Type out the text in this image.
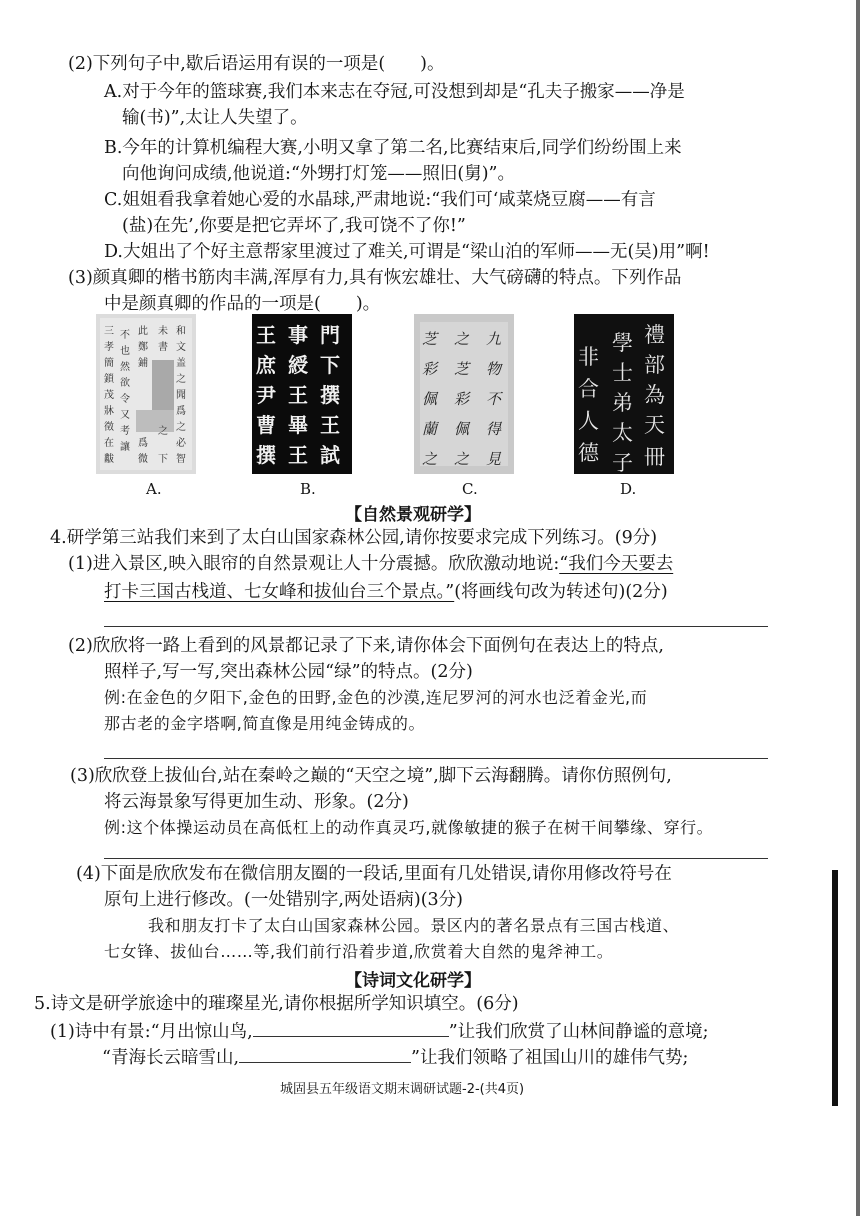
(2)下列句子中,歇后语运用有误的一项是(　　)。
A.对于今年的篮球赛,我们本来志在夺冠,可没想到却是“孔夫子搬家——净是
输(书)”,太让人失望了。
B.今年的计算机编程大赛,小明又拿了第二名,比赛结束后,同学们纷纷围上来
向他询问成绩,他说道:“外甥打灯笼——照旧(舅)”。
C.姐姐看我拿着她心爱的水晶球,严肃地说:“我们可‘咸菜烧豆腐——有言
(盐)在先’,你要是把它弄坏了,我可饶不了你!”
D.大姐出了个好主意帮家里渡过了难关,可谓是“梁山泊的军师——无(吴)用”啊!
(3)颜真卿的楷书筋肉丰满,浑厚有力,具有恢宏雄壮、大气磅礴的特点。下列作品
中是颜真卿的作品的一项是(　　)。
三
孝
簡
鎖
茂
牀
徵
在
黻
不
也
然
欲
令
又
考
讓
此
鄭
鋪
爲
微
未
書
之
下
和
文
盖
之
聞
爲
之
必
智
王 事 門
庶 綬 下
尹 王 撰
曹 畢 王
撰 王 試
芝
彩
佩
蘭
之
之
芝
彩
佩
之
九
物
不
得
見
禮
部
為
天
冊
學
士
弟
太
子
非
合
人
德
A.	B.	C.	D.
【自然景观研学】
4.研学第三站我们来到了太白山国家森林公园,请你按要求完成下列练习。(9分)
(1)进入景区,映入眼帘的自然景观让人十分震撼。欣欣激动地说:“我们今天要去
打卡三国古栈道、七女峰和拔仙台三个景点。”(将画线句改为转述句)(2分)
(2)欣欣将一路上看到的风景都记录了下来,请你体会下面例句在表达上的特点,
照样子,写一写,突出森林公园“绿”的特点。(2分)
例:在金色的夕阳下,金色的田野,金色的沙漠,连尼罗河的河水也泛着金光,而
那古老的金字塔啊,简直像是用纯金铸成的。
(3)欣欣登上拔仙台,站在秦岭之巅的“天空之境”,脚下云海翻腾。请你仿照例句,
将云海景象写得更加生动、形象。(2分)
例:这个体操运动员在高低杠上的动作真灵巧,就像敏捷的猴子在树干间攀缘、穿行。
(4)下面是欣欣发布在微信朋友圈的一段话,里面有几处错误,请你用修改符号在
原句上进行修改。(一处错别字,两处语病)(3分)
我和朋友打卡了太白山国家森林公园。景区内的著名景点有三国古栈道、
七女锋、拔仙台……等,我们前行沿着步道,欣赏着大自然的鬼斧神工。
【诗词文化研学】
5.诗文是研学旅途中的璀璨星光,请你根据所学知识填空。(6分)
(1)诗中有景:“月出惊山鸟,	”让我们欣赏了山林间静谧的意境;
“青海长云暗雪山,	”让我们领略了祖国山川的雄伟气势;
城固县五年级语文期末调研试题-2-(共4页)
